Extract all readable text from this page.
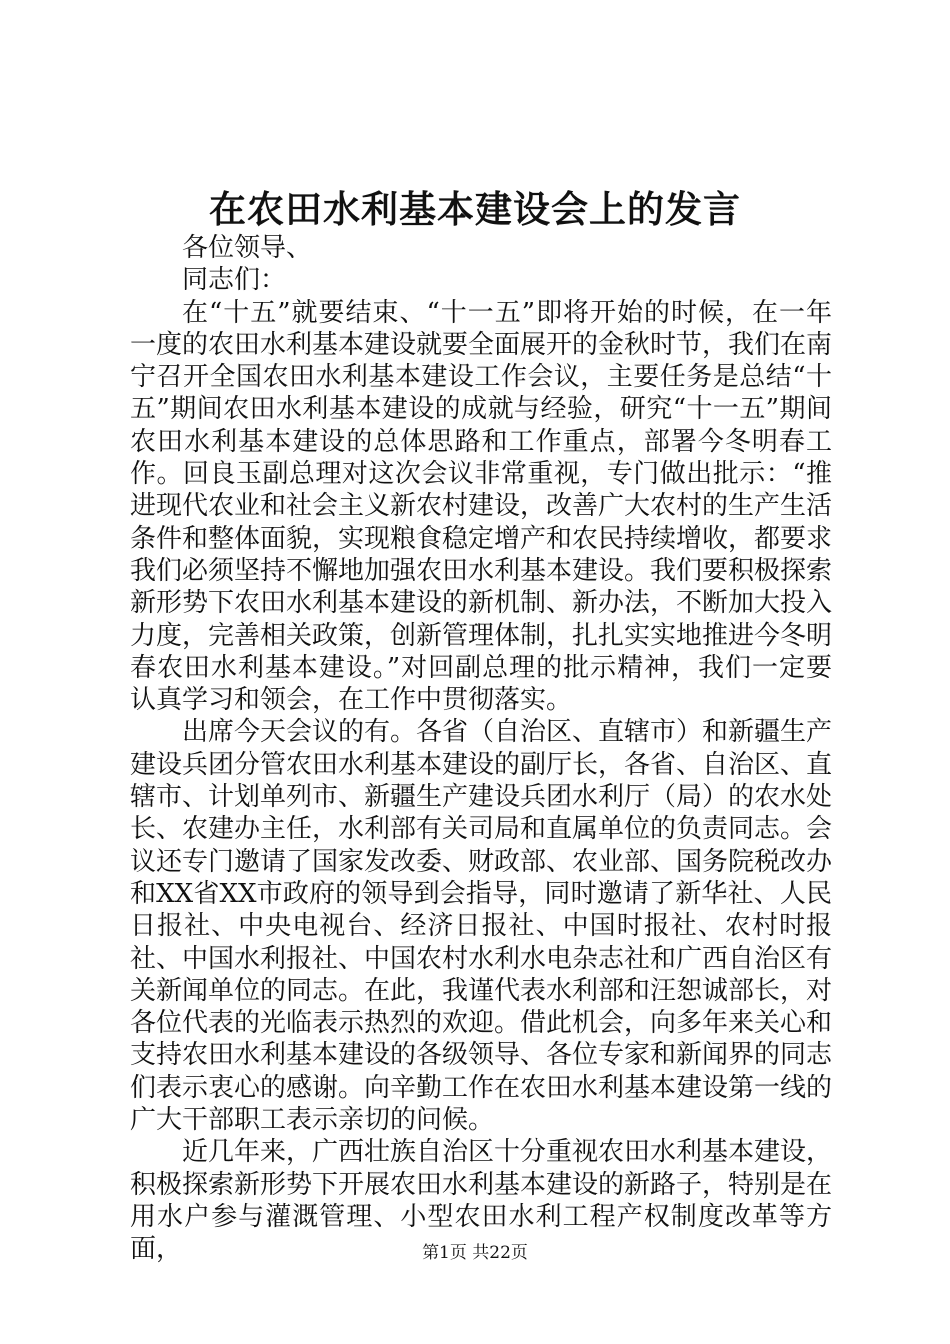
在农田水利基本建设会上的发言

各位领导、

同志们：

在“十五”就要结束、“十一五”即将开始的时候，在一年一度的农田水利基本建设就要全面展开的金秋时节，我们在南宁召开全国农田水利基本建设工作会议，主要任务是总结“十五”期间农田水利基本建设的成就与经验，研究“十一五”期间农田水利基本建设的总体思路和工作重点，部署今冬明春工作。回良玉副总理对这次会议非常重视，专门做出批示：“推进现代农业和社会主义新农村建设，改善广大农村的生产生活条件和整体面貌，实现粮食稳定增产和农民持续增收，都要求我们必须坚持不懈地加强农田水利基本建设。我们要积极探索新形势下农田水利基本建设的新机制、新办法，不断加大投入力度，完善相关政策，创新管理体制，扎扎实实地推进今冬明春农田水利基本建设。”对回副总理的批示精神，我们一定要认真学习和领会，在工作中贯彻落实。

出席今天会议的有。各省（自治区、直辖市）和新疆生产建设兵团分管农田水利基本建设的副厅长，各省、自治区、直辖市、计划单列市、新疆生产建设兵团水利厅（局）的农水处长、农建办主任，水利部有关司局和直属单位的负责同志。会议还专门邀请了国家发改委、财政部、农业部、国务院税改办和XX省XX市政府的领导到会指导，同时邀请了新华社、人民日报社、中央电视台、经济日报社、中国时报社、农村时报社、中国水利报社、中国农村水利水电杂志社和广西自治区有关新闻单位的同志。在此，我谨代表水利部和汪恕诚部长，对各位代表的光临表示热烈的欢迎。借此机会，向多年来关心和支持农田水利基本建设的各级领导、各位专家和新闻界的同志们表示衷心的感谢。向辛勤工作在农田水利基本建设第一线的广大干部职工表示亲切的问候。

近几年来，广西壮族自治区十分重视农田水利基本建设，积极探索新形势下开展农田水利基本建设的新路子，特别是在用水户参与灌溉管理、小型农田水利工程产权制度改革等方面，	第1页 共22页
